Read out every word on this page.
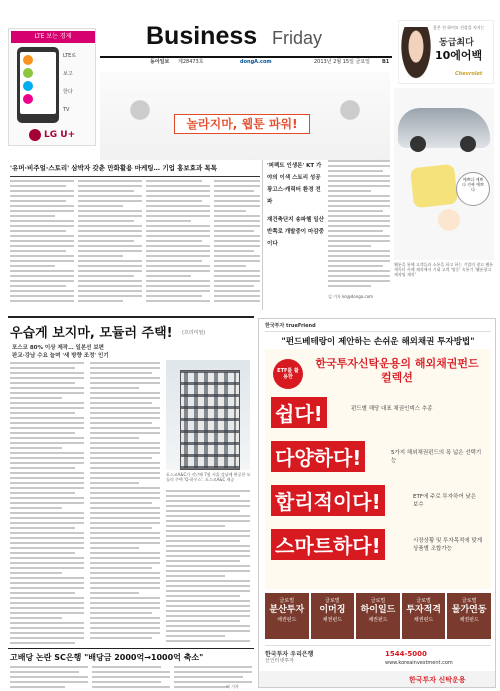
LTE 보는 경제
LTE로
보고
한다
TV
LG U+
Business Friday
동아일보 제28473호	dongA.com	2013년 2월 15일 금요일 B1
좋은 건 하이모 건강을 지키는
동급최다
10에어백
Chevrolet
놀라지마, 웹툰 파워!
'유머·비주얼·스토리' 삼박자 갖춘 만화활용 마케팅… 기업 홍보효과 톡톡	'퍼펙트 인생론' KT 가야의 이색 스토리 성공 광고스·캐릭터 환경 전파
재건축단지 송파헬 일산 반쪽로 개발중이 마감중이다
김 기자 ko@donga.com
예쁘다 예쁘다 진짜 예쁘다
웹툰을 통해 고객들과 소통을 하고 하는 기업의 광고 웹툰 캐릭터 사례 제작에서 기대 고객 '쌍둥' 속통기 '웹툰광고 제작팀 제작'
우습게 보지마, 모듈러 주택! (프리미엄)
포스코 80% 이상 제작… 일본선 보편
판교·강남 수요 늘며 '새 방향 조정' 인기
포스코A&C가 지난해 7월 서울 강남에 완공한 모듈러 주택 'Q-하우스'. 포스코A&C 제공
고배당 논란 SC은행 "배당금 2000억→1000억 축소"
이 기자
한국투자 trueFriend
"펀드베테랑이 제안하는 손쉬운 해외채권 투자방법"
ETF를 활용한
한국투자신탁운용의 해외채권펀드 컬렉션
쉽다!	펀드별 해당 대표 채권인덱스 추종
다양하다!	5가지 해외채권펀드의 폭 넓은 선택기능
합리적이다!	ETF에 주로 투자하여 낮은 보수
스마트하다!	시장상황 및 투자목적에 맞게 상품별 조합가능
글로벌
분산투자
채권펀드
글로벌
이머징
채권펀드
글로벌
하이일드
채권펀드
글로벌
투자적격
채권펀드
글로벌
물가연동
채권펀드
한국투자 우리은행
선인터넷투자
1544-5000
www.koreainvestment.com
한국투자 신탁운용
